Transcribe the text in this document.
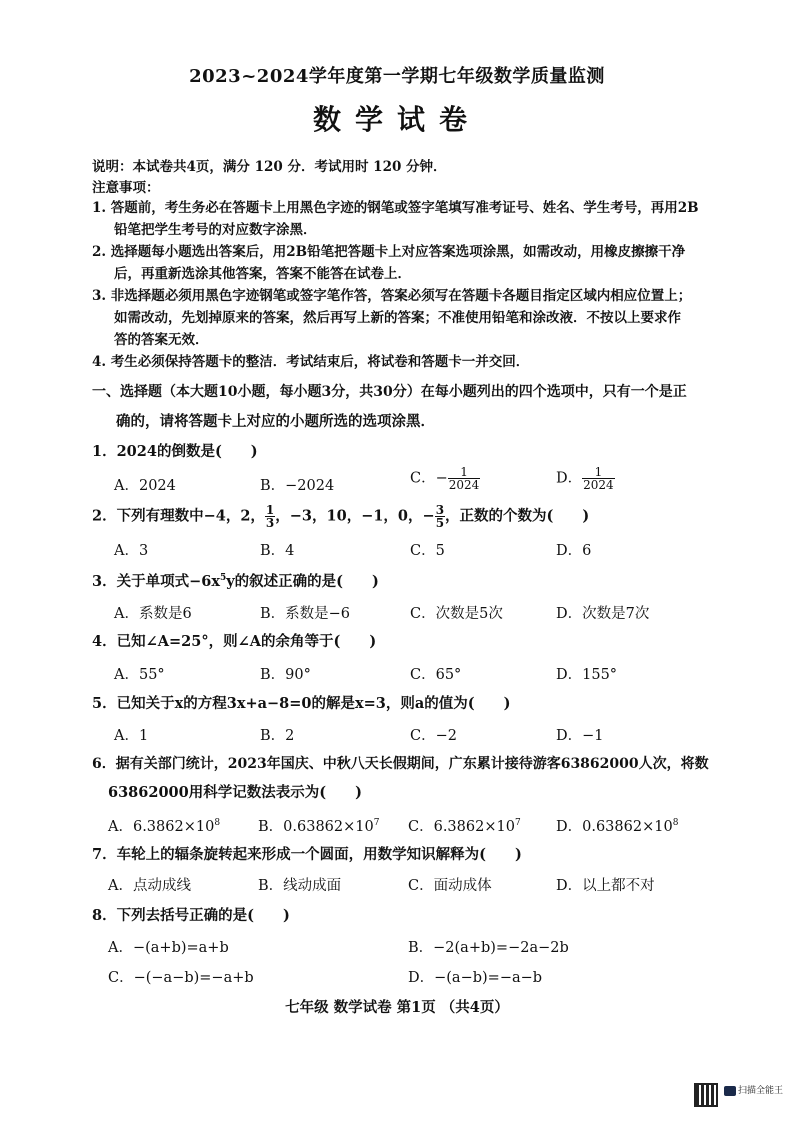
2023~2024学年度第一学期七年级数学质量监测
数学试卷
说明：本试卷共4页，满分 120 分．考试用时 120 分钟．
注意事项：
1. 答题前，考生务必在答题卡上用黑色字迹的钢笔或签字笔填写准考证号、姓名、学生考号，再用2B
铅笔把学生考号的对应数字涂黑．
2. 选择题每小题选出答案后，用2B铅笔把答题卡上对应答案选项涂黑，如需改动，用橡皮擦擦干净
后，再重新选涂其他答案，答案不能答在试卷上．
3. 非选择题必须用黑色字迹钢笔或签字笔作答，答案必须写在答题卡各题目指定区域内相应位置上；
如需改动，先划掉原来的答案，然后再写上新的答案；不准使用铅笔和涂改液．不按以上要求作
答的答案无效．
4. 考生必须保持答题卡的整洁．考试结束后，将试卷和答题卡一并交回．
一、选择题（本大题10小题，每小题3分，共30分）在每小题列出的四个选项中，只有一个是正
确的，请将答题卡上对应的小题所选的选项涂黑．
1．2024的倒数是(　　)
A．2024	B．−2024	C．− $\frac{1}{2024}$	D． $\frac{1}{2024}$
2．下列有理数中−4，2， $\frac{1}{3}$ ，−3，10，−1，0，− $\frac{3}{5}$ ，正数的个数为(　　)
A．3	B．4	C．5	D．6
3．关于单项式$-6x^5y$的叙述正确的是(　　)
A．系数是6	B．系数是−6	C．次数是5次	D．次数是7次
4．已知∠A=25°，则∠A的余角等于(　　)
A．55°	B．90°	C．65°	D．155°
5．已知关于x的方程3x+a−8=0的解是x=3，则a的值为(　　)
A．1	B．2	C．−2	D．−1
6．据有关部门统计，2023年国庆、中秋八天长假期间，广东累计接待游客63862000人次，将数
63862000用科学记数法表示为(　　)
A．$6.3862\times 10^8$	B．$0.63862\times 10^7$ C．$6.3862\times 10^7$ D．$0.63862\times 10^8$
7．车轮上的辐条旋转起来形成一个圆面，用数学知识解释为(　　)
A．点动成线	B．线动成面	C．面动成体	D．以上都不对
8．下列去括号正确的是(　　)
A．−(a+b)=a+b	B．−2(a+b)=−2a−2b
C．−(−a−b)=−a+b	D．−(a−b)=−a−b
七年级 数学试卷 第1页 （共4页）
扫描全能王
